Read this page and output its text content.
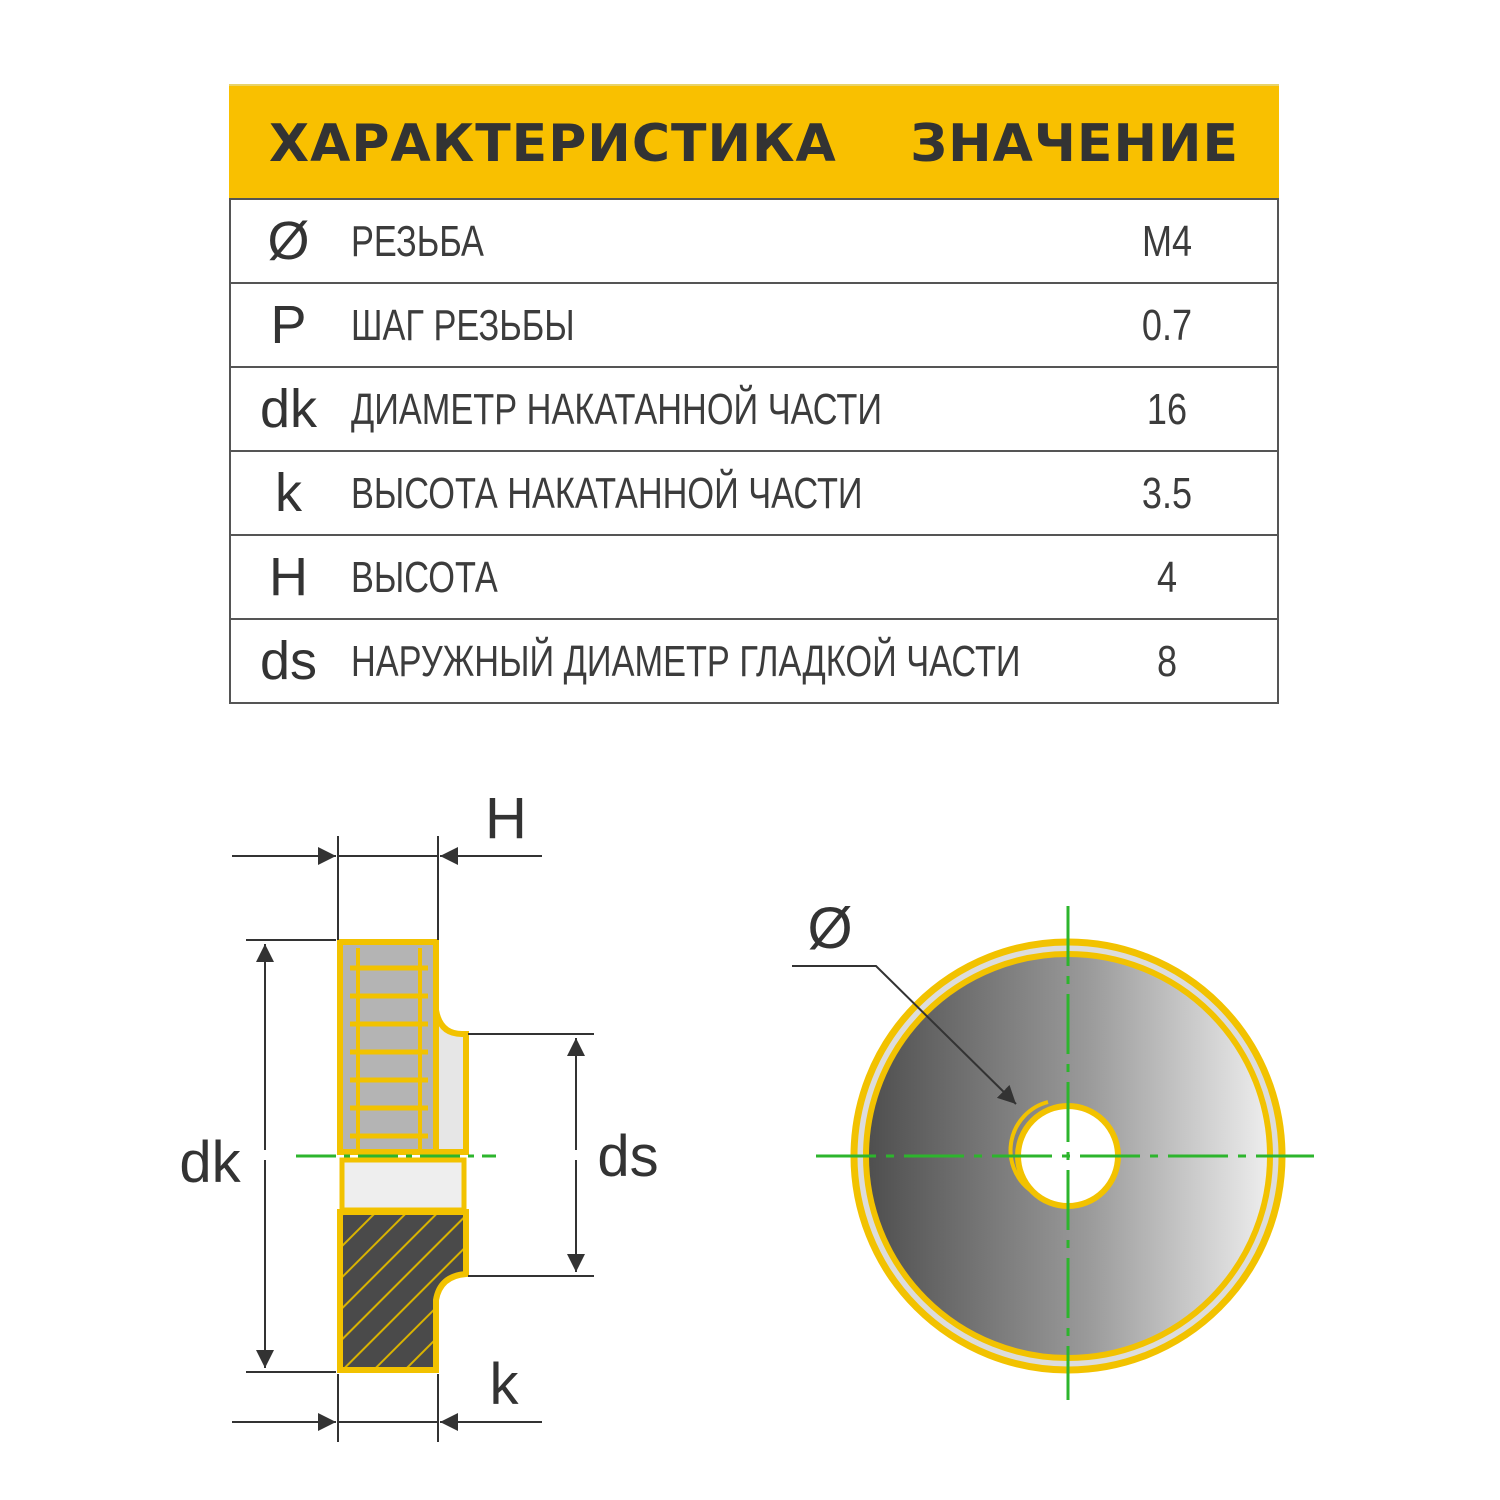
ХАРАКТЕРИСТИКА ЗНАЧЕНИЕ
Ø РЕЗЬБА	M4
P	ШАГ РЕЗЬБЫ	0.7
dk ДИАМЕТР НАКАТАННОЙ ЧАСТИ	16
k	ВЫСОТА НАКАТАННОЙ ЧАСТИ	3.5
H ВЫСОТА	4
ds НАРУЖНЫЙ ДИАМЕТР ГЛАДКОЙ ЧАСТИ	8
H
dk	ds
k
Ø
